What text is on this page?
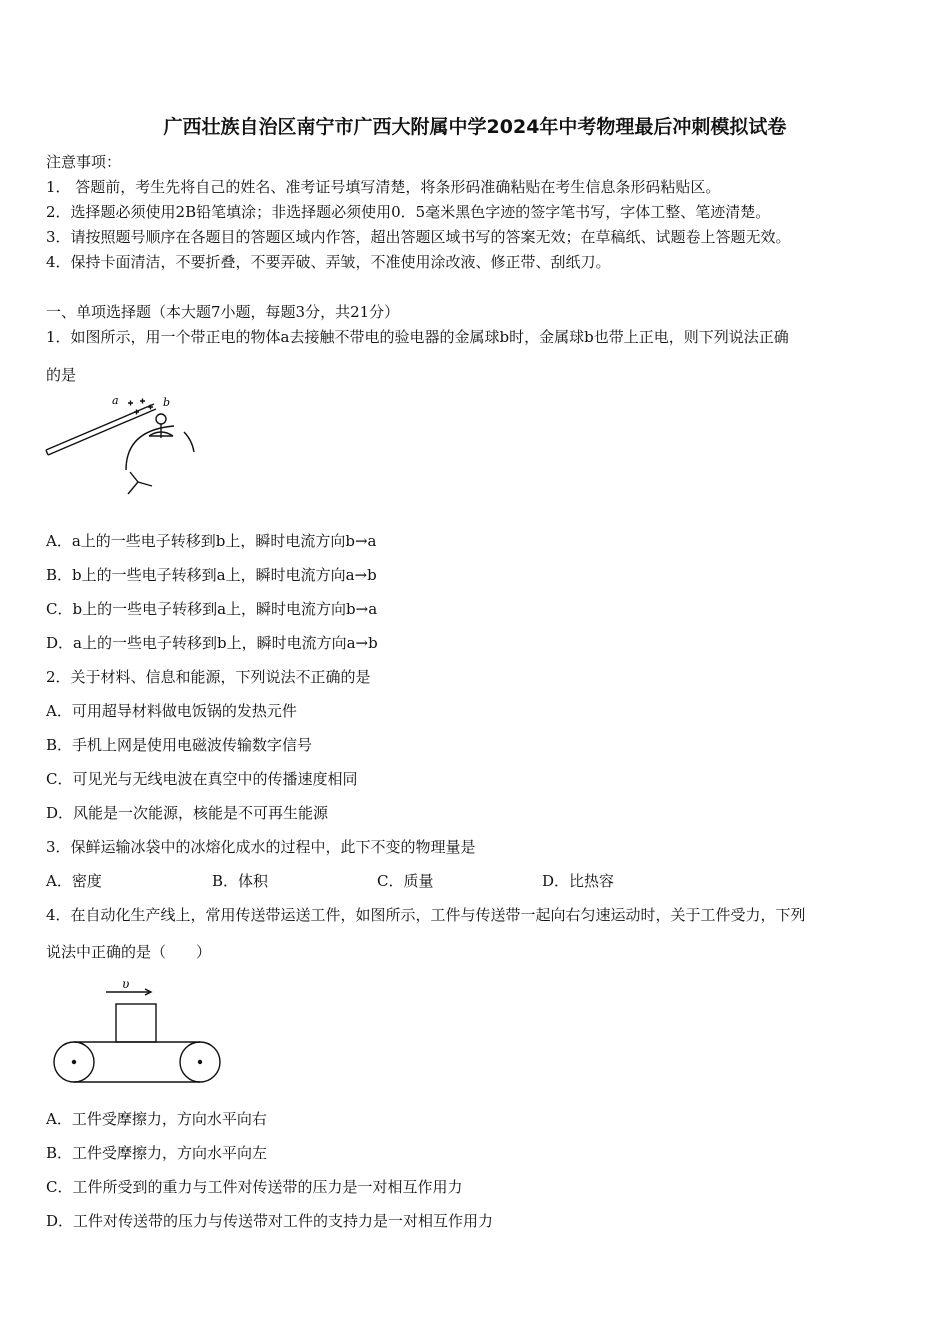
广西壮族自治区南宁市广西大附属中学2024年中考物理最后冲刺模拟试卷
注意事项：
1． 答题前，考生先将自己的姓名、准考证号填写清楚，将条形码准确粘贴在考生信息条形码粘贴区。
2．选择题必须使用2B铅笔填涂；非选择题必须使用0．5毫米黑色字迹的签字笔书写，字体工整、笔迹清楚。
3．请按照题号顺序在各题目的答题区域内作答，超出答题区域书写的答案无效；在草稿纸、试题卷上答题无效。
4．保持卡面清洁，不要折叠，不要弄破、弄皱，不准使用涂改液、修正带、刮纸刀。
一、单项选择题（本大题7小题，每题3分，共21分）
1．如图所示，用一个带正电的物体a去接触不带电的验电器的金属球b时，金属球b也带上正电，则下列说法正确
的是
a	b
A．a上的一些电子转移到b上，瞬时电流方向b→a
B．b上的一些电子转移到a上，瞬时电流方向a→b
C．b上的一些电子转移到a上，瞬时电流方向b→a
D．a上的一些电子转移到b上，瞬时电流方向a→b
2．关于材料、信息和能源，下列说法不正确的是
A．可用超导材料做电饭锅的发热元件
B．手机上网是使用电磁波传输数字信号
C．可见光与无线电波在真空中的传播速度相同
D．风能是一次能源，核能是不可再生能源
3．保鲜运输冰袋中的冰熔化成水的过程中，此下不变的物理量是
A．密度	B．体积	C．质量	D．比热容
4．在自动化生产线上，常用传送带运送工件，如图所示，工件与传送带一起向右匀速运动时，关于工件受力，下列
说法中正确的是（　　）
υ
A．工件受摩擦力，方向水平向右
B．工件受摩擦力，方向水平向左
C．工件所受到的重力与工件对传送带的压力是一对相互作用力
D．工件对传送带的压力与传送带对工件的支持力是一对相互作用力
